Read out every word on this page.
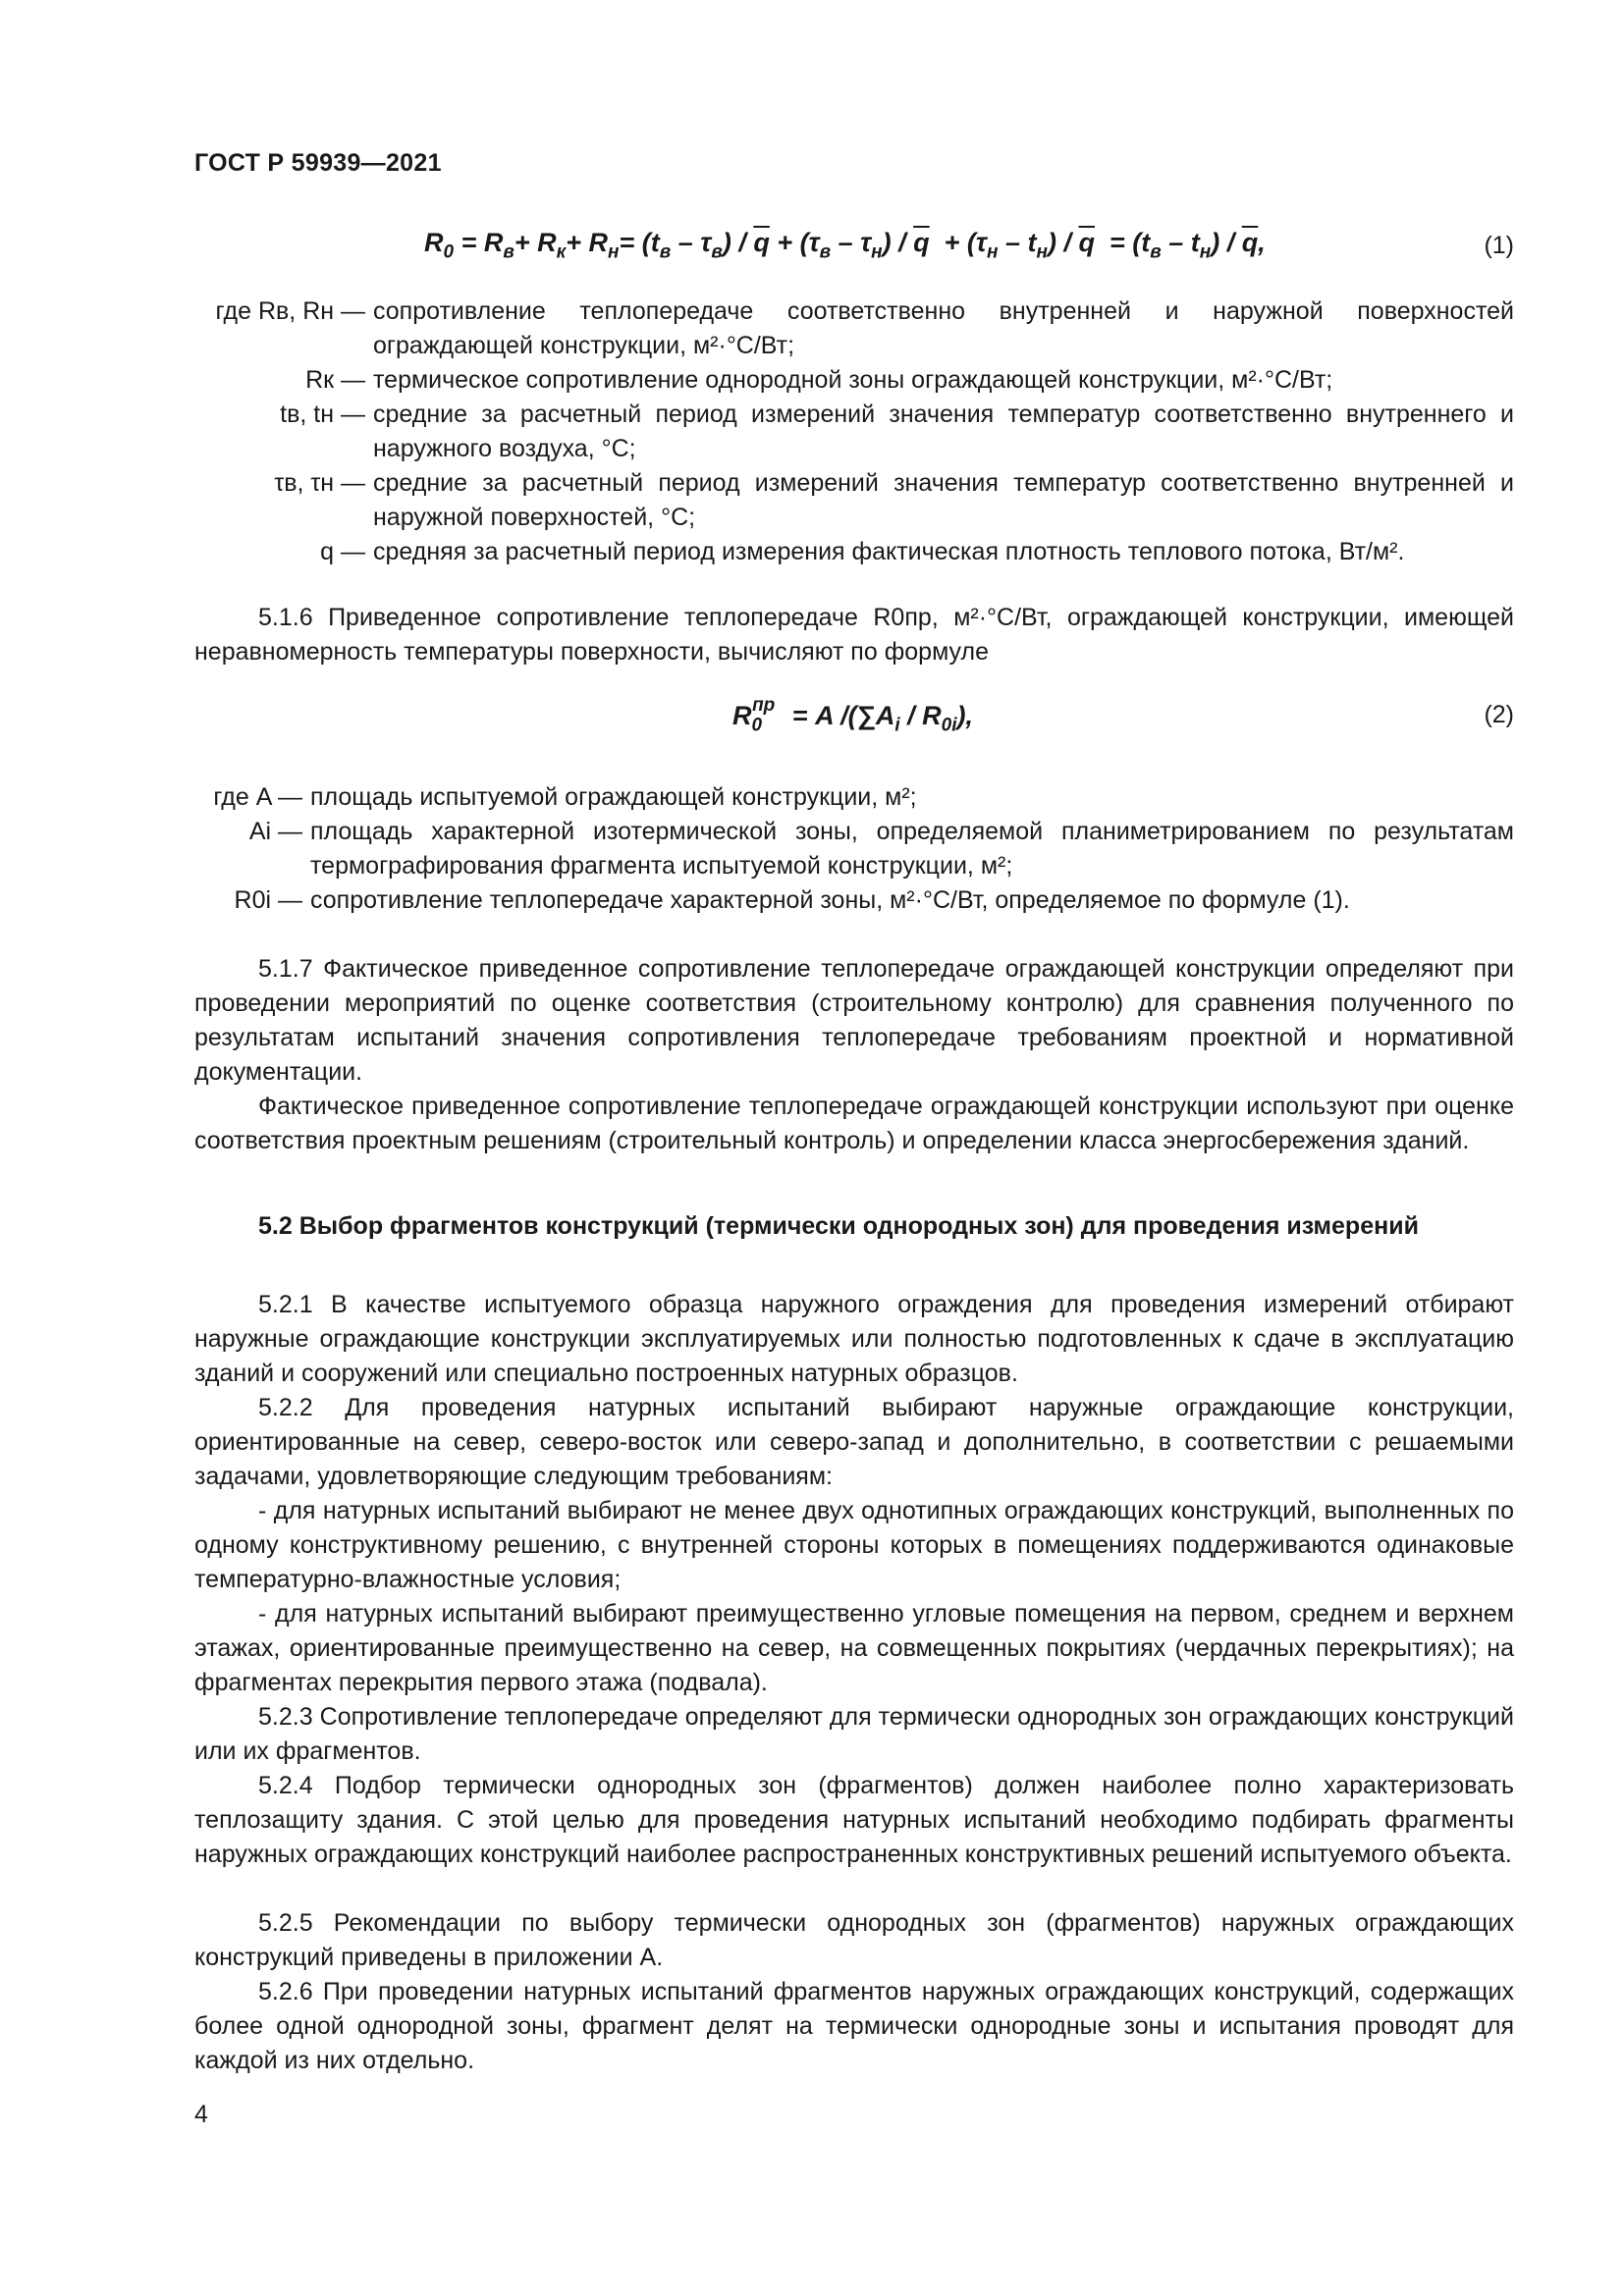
ГОСТ Р 59939—2021
$R_0 = R_в+ R_к+ R_н= (t_в - \tau_в) / \overline{q} + (\tau_в - \tau_н) / \overline{q} + (\tau_н - t_н) / \overline{q} = (t_в - t_н) / \overline{q}$,	(1)
где Rв, Rн — сопротивление теплопередаче соответственно внутренней и наружной поверхностей ограждающей конструкции, м²·°С/Вт;
Rк — термическое сопротивление однородной зоны ограждающей конструкции, м²·°С/Вт;
tв, tн — средние за расчетный период измерений значения температур соответственно внутреннего и наружного воздуха, °С;
τв, τн — средние за расчетный период измерений значения температур соответственно внутренней и наружной поверхностей, °С;
q — средняя за расчетный период измерения фактическая плотность теплового потока, Вт/м².
5.1.6 Приведенное сопротивление теплопередаче R0пр, м²·°С/Вт, ограждающей конструкции, имеющей неравномерность температуры поверхности, вычисляют по формуле
$R_0^{пр} = A$ $/(\sum A_i / R_{0i})$,	(2)
где A — площадь испытуемой ограждающей конструкции, м²;
Ai — площадь характерной изотермической зоны, определяемой планиметрированием по результатам термографирования фрагмента испытуемой конструкции, м²;
R0i — сопротивление теплопередаче характерной зоны, м²·°С/Вт, определяемое по формуле (1).
5.1.7 Фактическое приведенное сопротивление теплопередаче ограждающей конструкции определяют при проведении мероприятий по оценке соответствия (строительному контролю) для сравнения полученного по результатам испытаний значения сопротивления теплопередаче требованиям проектной и нормативной документации.
Фактическое приведенное сопротивление теплопередаче ограждающей конструкции используют при оценке соответствия проектным решениям (строительный контроль) и определении класса энергосбережения зданий.
5.2 Выбор фрагментов конструкций (термически однородных зон) для проведения измерений
5.2.1 В качестве испытуемого образца наружного ограждения для проведения измерений отбирают наружные ограждающие конструкции эксплуатируемых или полностью подготовленных к сдаче в эксплуатацию зданий и сооружений или специально построенных натурных образцов.
5.2.2 Для проведения натурных испытаний выбирают наружные ограждающие конструкции, ориентированные на север, северо-восток или северо-запад и дополнительно, в соответствии с решаемыми задачами, удовлетворяющие следующим требованиям:
- для натурных испытаний выбирают не менее двух однотипных ограждающих конструкций, выполненных по одному конструктивному решению, с внутренней стороны которых в помещениях поддерживаются одинаковые температурно-влажностные условия;
- для натурных испытаний выбирают преимущественно угловые помещения на первом, среднем и верхнем этажах, ориентированные преимущественно на север, на совмещенных покрытиях (чердачных перекрытиях); на фрагментах перекрытия первого этажа (подвала).
5.2.3 Сопротивление теплопередаче определяют для термически однородных зон ограждающих конструкций или их фрагментов.
5.2.4 Подбор термически однородных зон (фрагментов) должен наиболее полно характеризовать теплозащиту здания. С этой целью для проведения натурных испытаний необходимо подбирать фрагменты наружных ограждающих конструкций наиболее распространенных конструктивных решений испытуемого объекта.
5.2.5 Рекомендации по выбору термически однородных зон (фрагментов) наружных ограждающих конструкций приведены в приложении А.
5.2.6 При проведении натурных испытаний фрагментов наружных ограждающих конструкций, содержащих более одной однородной зоны, фрагмент делят на термически однородные зоны и испытания проводят для каждой из них отдельно.
4
